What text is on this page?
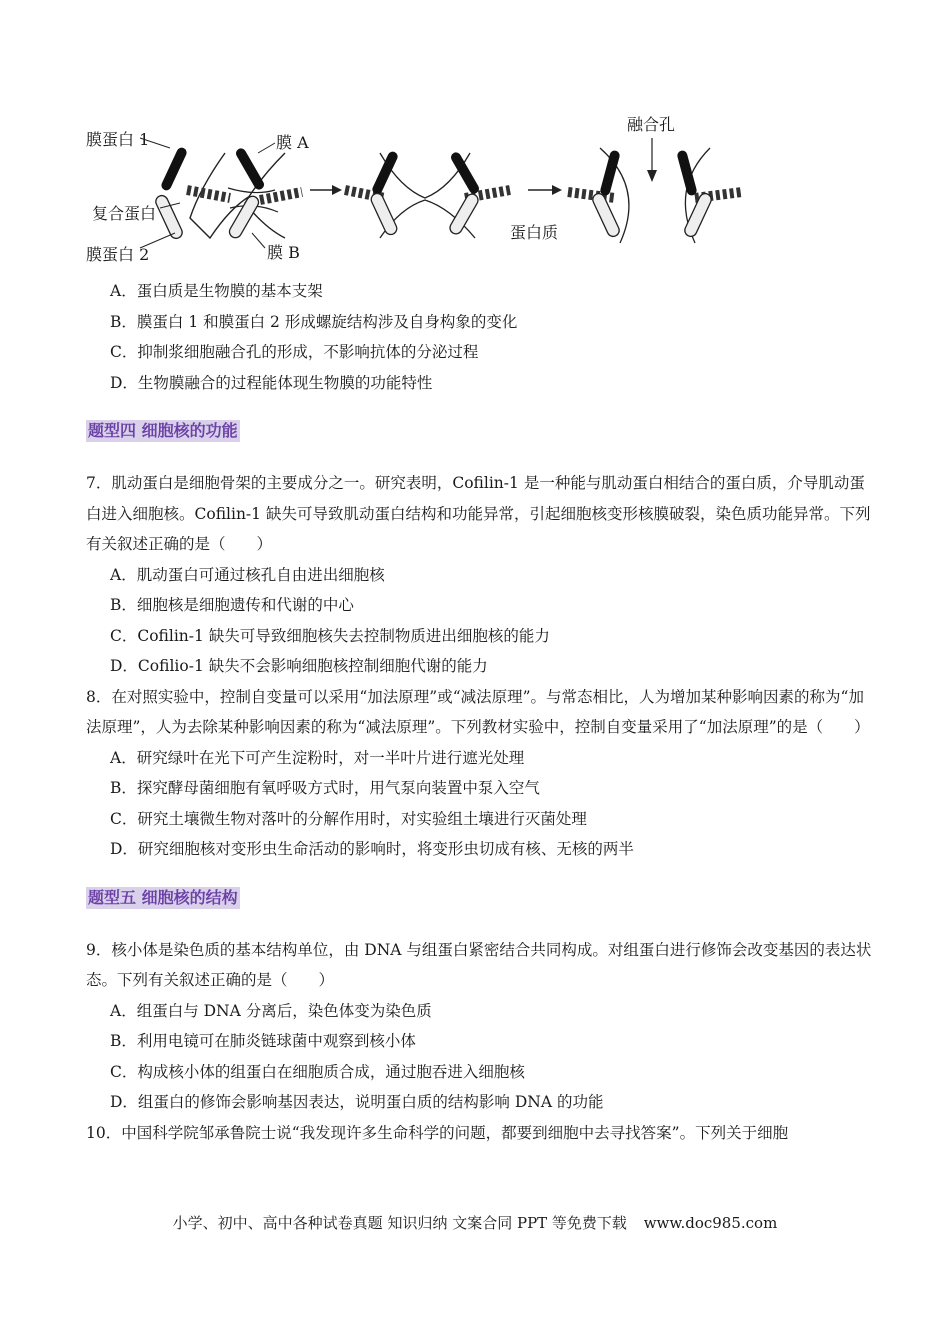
膜蛋白 1	膜 A
复合蛋白
膜蛋白 2	膜 B
融合孔
蛋白质
A．蛋白质是生物膜的基本支架
B．膜蛋白 1 和膜蛋白 2 形成螺旋结构涉及自身构象的变化
C．抑制浆细胞融合孔的形成，不影响抗体的分泌过程
D．生物膜融合的过程能体现生物膜的功能特性
题型四 细胞核的功能
7．肌动蛋白是细胞骨架的主要成分之一。研究表明，Cofilin-1 是一种能与肌动蛋白相结合的蛋白质，介导肌动蛋白进入细胞核。Cofilin-1 缺失可导致肌动蛋白结构和功能异常，引起细胞核变形核膜破裂，染色质功能异常。下列有关叙述正确的是（　　）
A．肌动蛋白可通过核孔自由进出细胞核
B．细胞核是细胞遗传和代谢的中心
C．Cofilin-1 缺失可导致细胞核失去控制物质进出细胞核的能力
D．Cofilio-1 缺失不会影响细胞核控制细胞代谢的能力
8．在对照实验中，控制自变量可以采用“加法原理”或“减法原理”。与常态相比，人为增加某种影响因素的称为“加法原理”，人为去除某种影响因素的称为“减法原理”。下列教材实验中，控制自变量采用了“加法原理”的是（　　）
A．研究绿叶在光下可产生淀粉时，对一半叶片进行遮光处理
B．探究酵母菌细胞有氧呼吸方式时，用气泵向装置中泵入空气
C．研究土壤微生物对落叶的分解作用时，对实验组土壤进行灭菌处理
D．研究细胞核对变形虫生命活动的影响时，将变形虫切成有核、无核的两半
题型五 细胞核的结构
9．核小体是染色质的基本结构单位，由 DNA 与组蛋白紧密结合共同构成。对组蛋白进行修饰会改变基因的表达状态。下列有关叙述正确的是（　　）
A．组蛋白与 DNA 分离后，染色体变为染色质
B．利用电镜可在肺炎链球菌中观察到核小体
C．构成核小体的组蛋白在细胞质合成，通过胞吞进入细胞核
D．组蛋白的修饰会影响基因表达，说明蛋白质的结构影响 DNA 的功能
10．中国科学院邹承鲁院士说“我发现许多生命科学的问题，都要到细胞中去寻找答案”。下列关于细胞
小学、初中、高中各种试卷真题 知识归纳 文案合同 PPT 等免费下载 www.doc985.com
